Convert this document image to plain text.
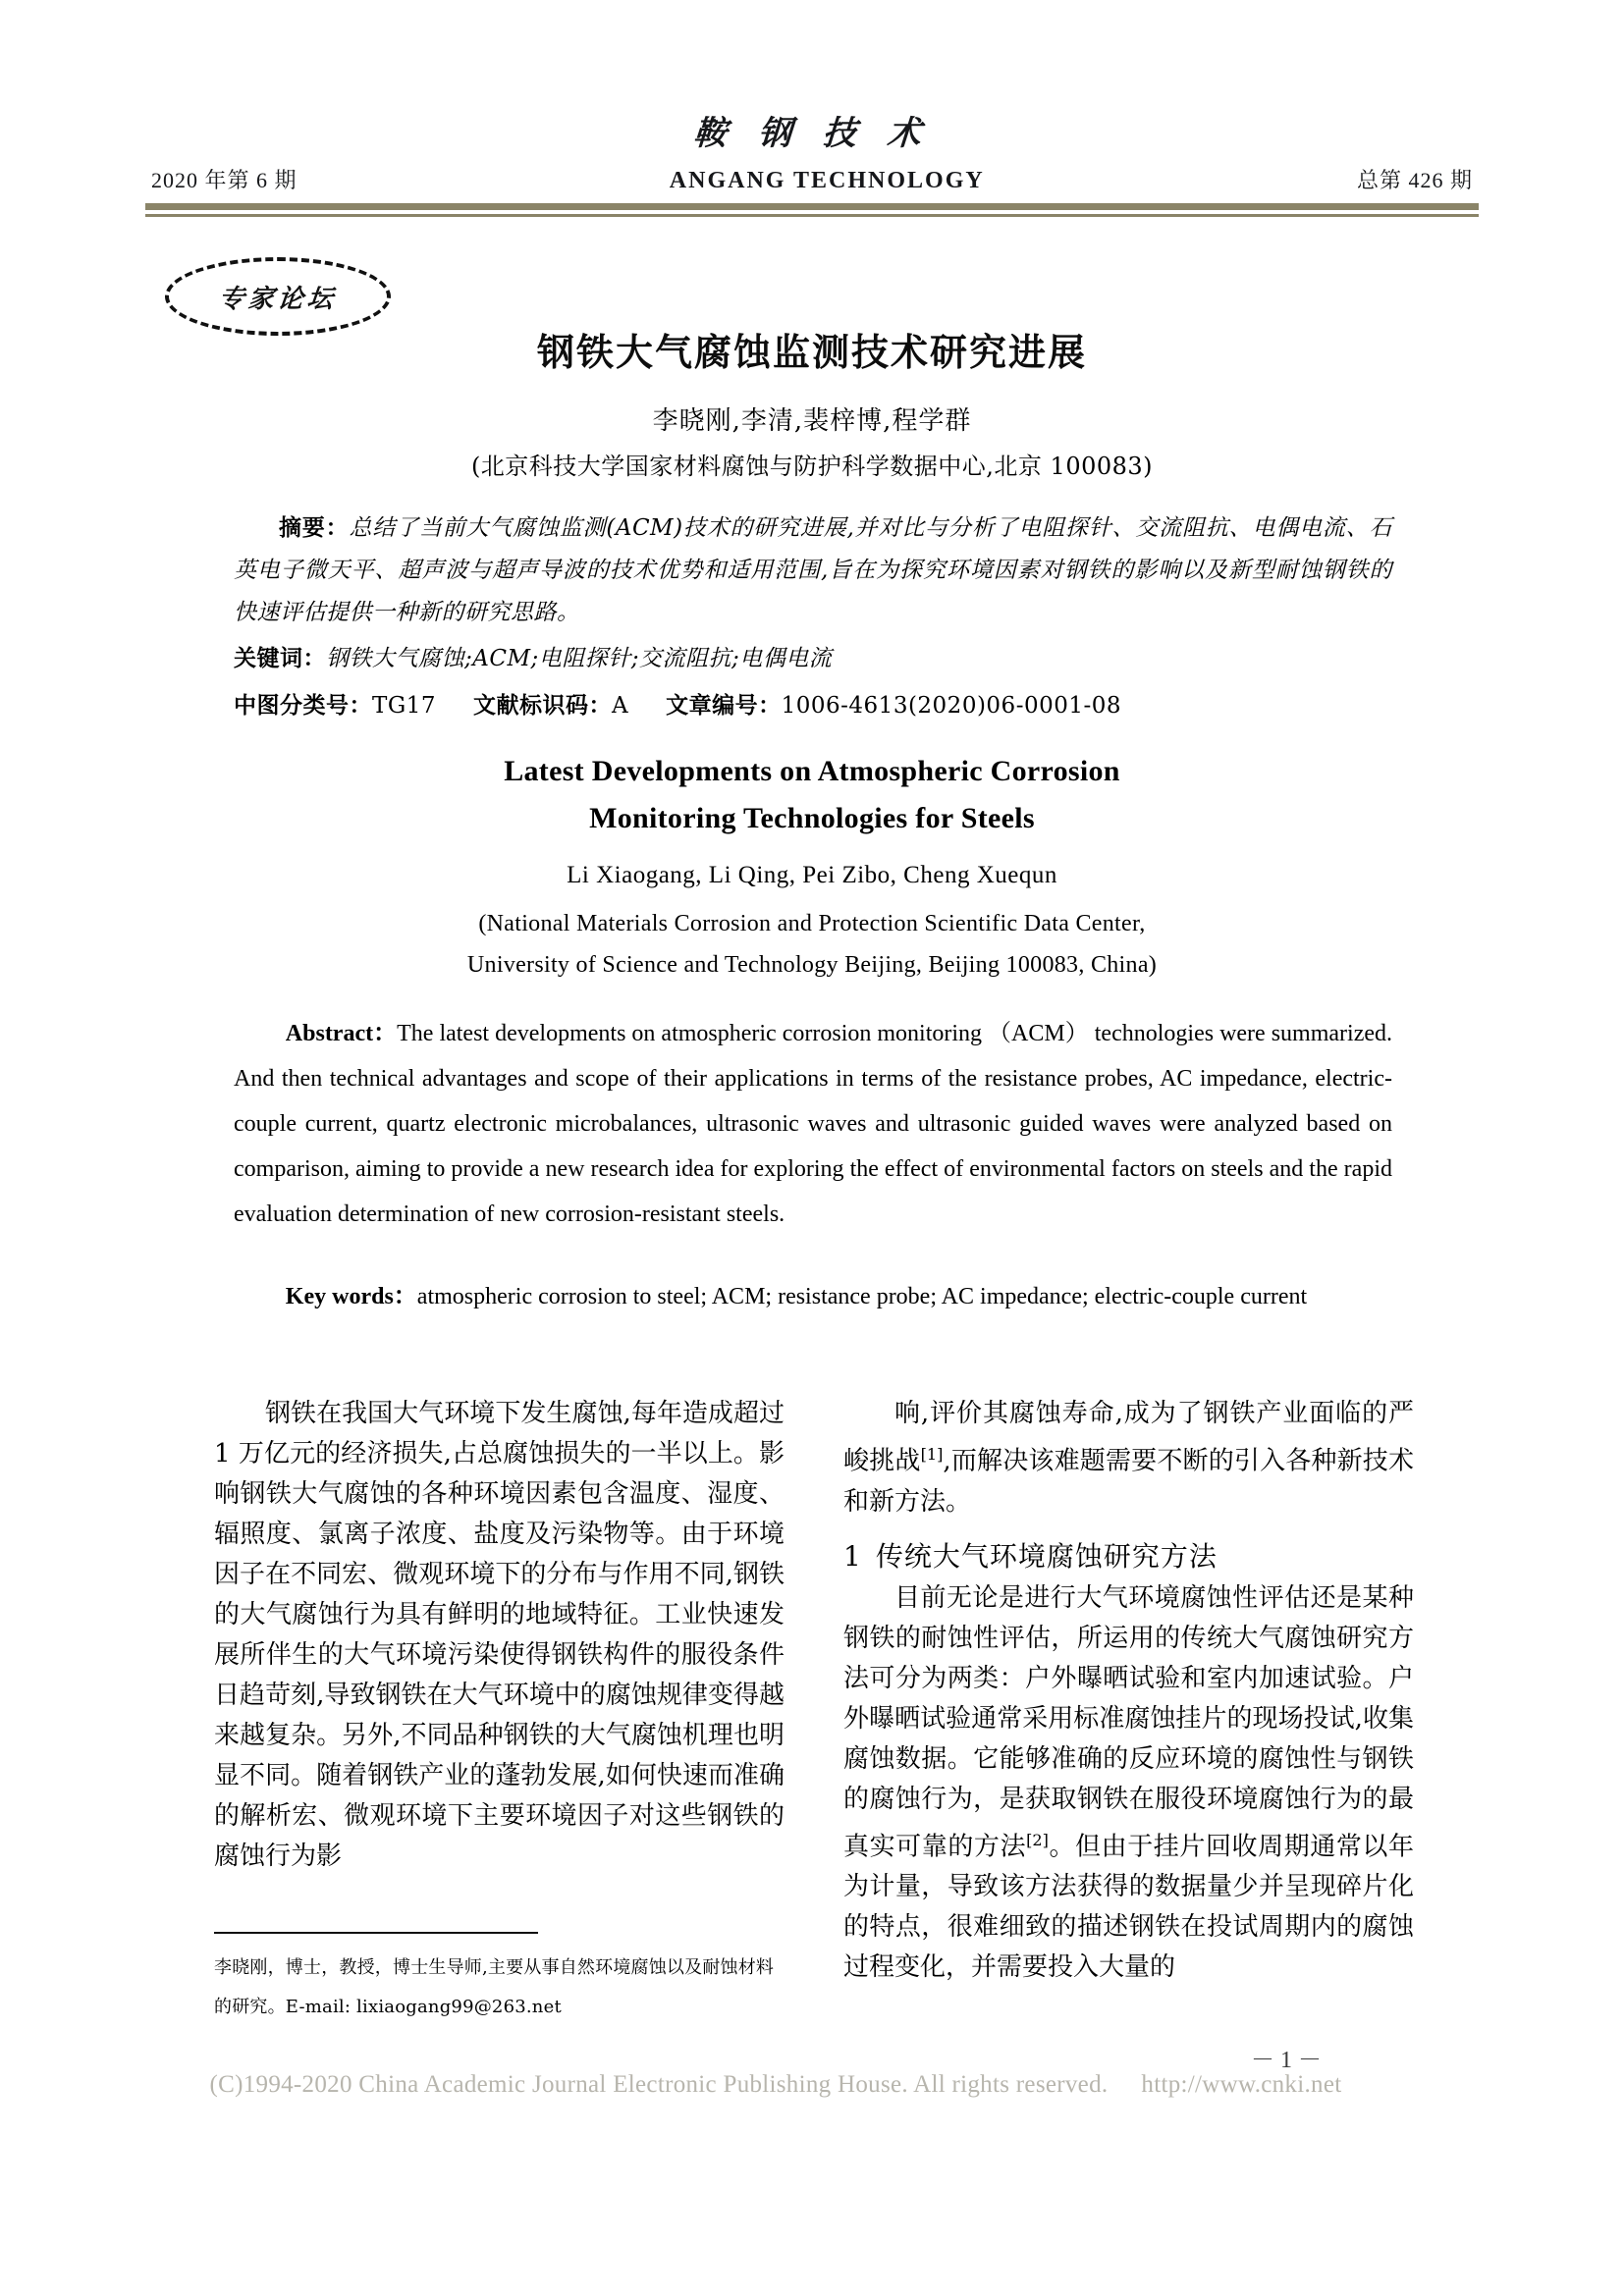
鞍 钢 技 术
2020 年第 6 期	ANGANG TECHNOLOGY	总第 426 期
专家论坛
钢铁大气腐蚀监测技术研究进展
李晓刚,李清,裴梓博,程学群
(北京科技大学国家材料腐蚀与防护科学数据中心,北京 100083)

摘要：总结了当前大气腐蚀监测(ACM)技术的研究进展,并对比与分析了电阻探针、交流阻抗、电偶电流、石英电子微天平、超声波与超声导波的技术优势和适用范围,旨在为探究环境因素对钢铁的影响以及新型耐蚀钢铁的快速评估提供一种新的研究思路。

关键词：钢铁大气腐蚀;ACM;电阻探针;交流阻抗;电偶电流
中图分类号：TG17 文献标识码：A 文章编号：1006-4613(2020)06-0001-08
Latest Developments on Atmospheric Corrosion
Monitoring Technologies for Steels
Li Xiaogang, Li Qing, Pei Zibo, Cheng Xuequn
(National Materials Corrosion and Protection Scientific Data Center,
University of Science and Technology Beijing, Beijing 100083, China)

Abstract：The latest developments on atmospheric corrosion monitoring （ACM） technologies were summarized. And then technical advantages and scope of their applications in terms of the resistance probes, AC impedance, electric-couple current, quartz electronic microbalances, ultrasonic waves and ultrasonic guided waves were analyzed based on comparison, aiming to provide a new research idea for exploring the effect of environmental factors on steels and the rapid evaluation determination of new corrosion-resistant steels.

Key words：atmospheric corrosion to steel; ACM; resistance probe; AC impedance; electric-couple current

钢铁在我国大气环境下发生腐蚀,每年造成超过 1 万亿元的经济损失,占总腐蚀损失的一半以上。影响钢铁大气腐蚀的各种环境因素包含温度、湿度、辐照度、氯离子浓度、盐度及污染物等。由于环境因子在不同宏、微观环境下的分布与作用不同,钢铁的大气腐蚀行为具有鲜明的地域特征。工业快速发展所伴生的大气环境污染使得钢铁构件的服役条件日趋苛刻,导致钢铁在大气环境中的腐蚀规律变得越来越复杂。另外,不同品种钢铁的大气腐蚀机理也明显不同。随着钢铁产业的蓬勃发展,如何快速而准确的解析宏、微观环境下主要环境因子对这些钢铁的腐蚀行为影

响,评价其腐蚀寿命,成为了钢铁产业面临的严峻挑战[1],而解决该难题需要不断的引入各种新技术和新方法。

1 传统大气环境腐蚀研究方法

目前无论是进行大气环境腐蚀性评估还是某种钢铁的耐蚀性评估，所运用的传统大气腐蚀研究方法可分为两类：户外曝晒试验和室内加速试验。户外曝晒试验通常采用标准腐蚀挂片的现场投试,收集腐蚀数据。它能够准确的反应环境的腐蚀性与钢铁的腐蚀行为，是获取钢铁在服役环境腐蚀行为的最真实可靠的方法[2]。但由于挂片回收周期通常以年为计量，导致该方法获得的数据量少并呈现碎片化的特点，很难细致的描述钢铁在投试周期内的腐蚀过程变化，并需要投入大量的

李晓刚，博士，教授，博士生导师,主要从事自然环境腐蚀以及耐蚀材料的研究。E-mail: lixiaogang99@263.net
－ 1 －
(C)1994-2020 China Academic Journal Electronic Publishing House. All rights reserved. http://www.cnki.net
